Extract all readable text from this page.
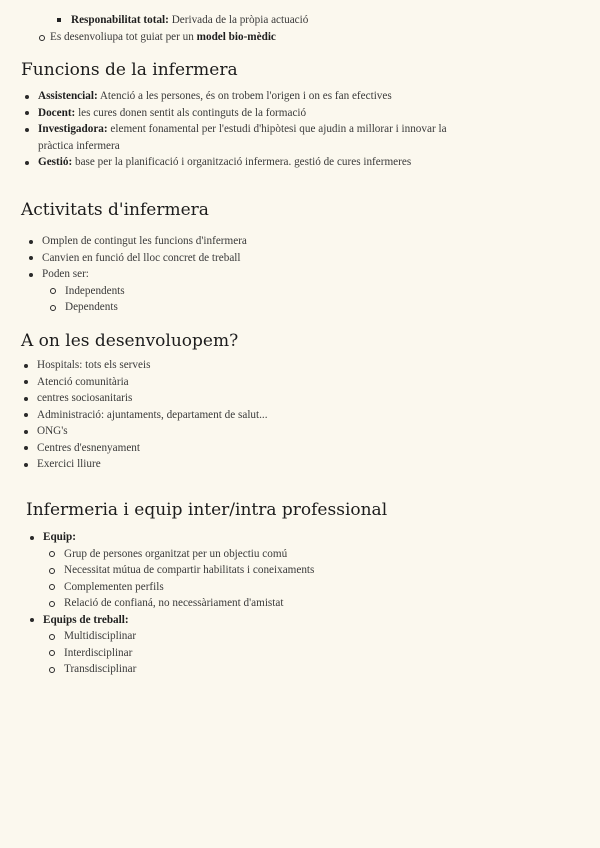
Responabilitat total: Derivada de la pròpia actuació
Es desenvoliupa tot guiat per un model bio-mèdic
Funcions de la infermera
Assistencial: Atenció a les persones, és on trobem l'origen i on es fan efectives
Docent: les cures donen sentit als continguts de la formació
Investigadora: element fonamental per l'estudi d'hipòtesi que ajudin a millorar i innovar la pràctica infermera
Gestió: base per la planificació i organització infermera. gestió de cures infermeres
Activitats d'infermera
Omplen de contingut les funcions d'infermera
Canvien en funció del lloc concret de treball
Poden ser:
Independents
Dependents
A on les desenvoluopem?
Hospitals: tots els serveis
Atenció comunitària
centres sociosanitaris
Administració: ajuntaments, departament de salut...
ONG's
Centres d'esnenyament
Exercici lliure
Infermeria i equip inter/intra professional
Equip:
Grup de persones organitzat per un objectiu comú
Necessitat mútua de compartir habilitats i coneixaments
Complementen perfils
Relació de confianá, no necessàriament d'amistat
Equips de treball:
Multidisciplinar
Interdisciplinar
Transdisciplinar
